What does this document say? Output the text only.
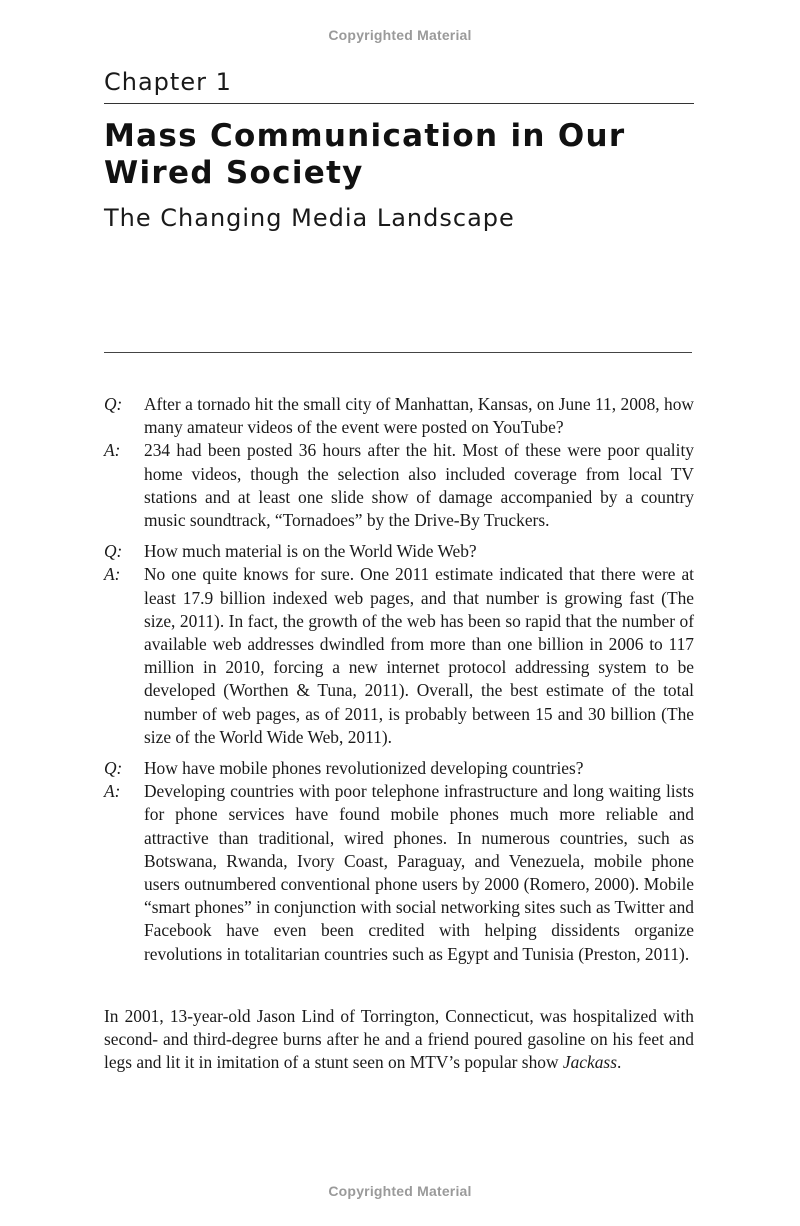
Copyrighted Material
Chapter 1
Mass Communication in Our Wired Society
The Changing Media Landscape
Q: After a tornado hit the small city of Manhattan, Kansas, on June 11, 2008, how many amateur videos of the event were posted on YouTube?
A: 234 had been posted 36 hours after the hit. Most of these were poor quality home videos, though the selection also included coverage from local TV stations and at least one slide show of damage accompanied by a country music soundtrack, “Tornadoes” by the Drive-By Truckers.
Q: How much material is on the World Wide Web?
A: No one quite knows for sure. One 2011 estimate indicated that there were at least 17.9 billion indexed web pages, and that number is growing fast (The size, 2011). In fact, the growth of the web has been so rapid that the number of available web addresses dwindled from more than one billion in 2006 to 117 million in 2010, forcing a new internet protocol addressing system to be developed (Worthen & Tuna, 2011). Overall, the best estimate of the total number of web pages, as of 2011, is probably between 15 and 30 billion (The size of the World Wide Web, 2011).
Q: How have mobile phones revolutionized developing countries?
A: Developing countries with poor telephone infrastructure and long waiting lists for phone services have found mobile phones much more reliable and attractive than traditional, wired phones. In numerous countries, such as Botswana, Rwanda, Ivory Coast, Paraguay, and Venezuela, mobile phone users outnumbered conventional phone users by 2000 (Romero, 2000). Mobile “smart phones” in conjunction with social networking sites such as Twitter and Facebook have even been credited with helping dissidents organize revolutions in totalitarian countries such as Egypt and Tunisia (Preston, 2011).

In 2001, 13-year-old Jason Lind of Torrington, Connecticut, was hospitalized with second- and third-degree burns after he and a friend poured gasoline on his feet and legs and lit it in imitation of a stunt seen on MTV’s popular show Jackass.

Copyrighted Material
